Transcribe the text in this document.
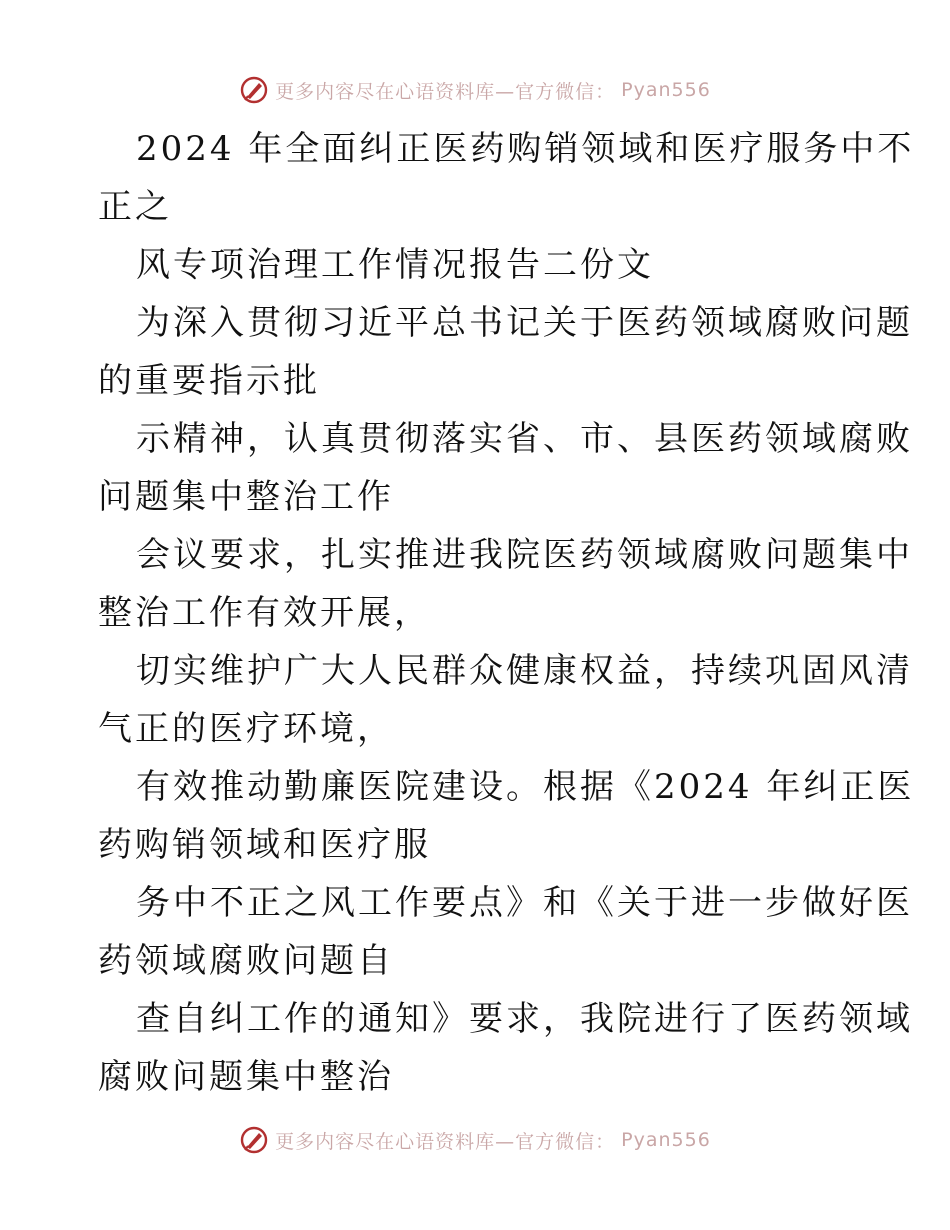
更多内容尽在心语资料库—官方微信： Pyan556
2024 年全面纠正医药购销领域和医疗服务中不
正之
风专项治理工作情况报告二份文
为深入贯彻习近平总书记关于医药领域腐败问题
的重要指示批
示精神，认真贯彻落实省、市、县医药领域腐败
问题集中整治工作
会议要求，扎实推进我院医药领域腐败问题集中
整治工作有效开展，
切实维护广大人民群众健康权益，持续巩固风清
气正的医疗环境，
有效推动勤廉医院建设。根据《2024 年纠正医
药购销领域和医疗服
务中不正之风工作要点》和《关于进一步做好医
药领域腐败问题自
查自纠工作的通知》要求，我院进行了医药领域
腐败问题集中整治
更多内容尽在心语资料库—官方微信： Pyan556
